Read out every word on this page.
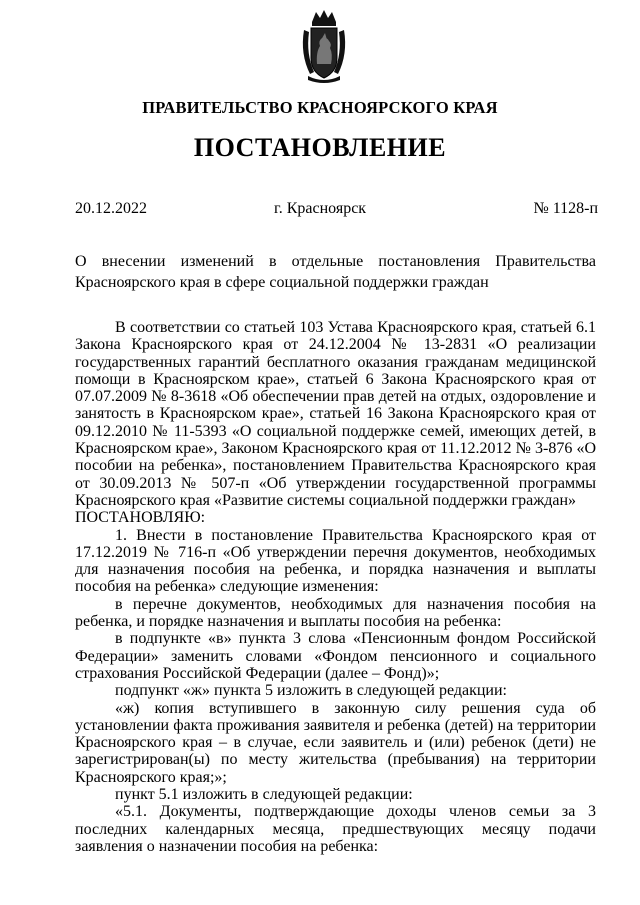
ПРАВИТЕЛЬСТВО КРАСНОЯРСКОГО КРАЯ
ПОСТАНОВЛЕНИЕ
20.12.2022	г. Красноярск	№ 1128-п
О внесении изменений в отдельные постановления Правительства Красноярского края в сфере социальной поддержки граждан

В соответствии со статьей 103 Устава Красноярского края, статьей 6.1 Закона Красноярского края от 24.12.2004 № 13-2831 «О реализации государственных гарантий бесплатного оказания гражданам медицинской помощи в Красноярском крае», статьей 6 Закона Красноярского края от 07.07.2009 № 8-3618 «Об обеспечении прав детей на отдых, оздоровление и занятость в Красноярском крае», статьей 16 Закона Красноярского края от 09.12.2010 № 11-5393 «О социальной поддержке семей, имеющих детей, в Красноярском крае», Законом Красноярского края от 11.12.2012 № 3-876 «О пособии на ребенка», постановлением Правительства Красноярского края от 30.09.2013 № 507-п «Об утверждении государственной программы Красноярского края «Развитие системы социальной поддержки граждан»

ПОСТАНОВЛЯЮ:

1. Внести в постановление Правительства Красноярского края от 17.12.2019 № 716-п «Об утверждении перечня документов, необходимых для назначения пособия на ребенка, и порядка назначения и выплаты пособия на ребенка» следующие изменения:

в перечне документов, необходимых для назначения пособия на ребенка, и порядке назначения и выплаты пособия на ребенка:

в подпункте «в» пункта 3 слова «Пенсионным фондом Российской Федерации» заменить словами «Фондом пенсионного и социального страхования Российской Федерации (далее – Фонд)»;

подпункт «ж» пункта 5 изложить в следующей редакции:

«ж) копия вступившего в законную силу решения суда об установлении факта проживания заявителя и ребенка (детей) на территории Красноярского края – в случае, если заявитель и (или) ребенок (дети) не зарегистрирован(ы) по месту жительства (пребывания) на территории Красноярского края;»;

пункт 5.1 изложить в следующей редакции:

«5.1. Документы, подтверждающие доходы членов семьи за 3 последних календарных месяца, предшествующих месяцу подачи заявления о назначении пособия на ребенка:
